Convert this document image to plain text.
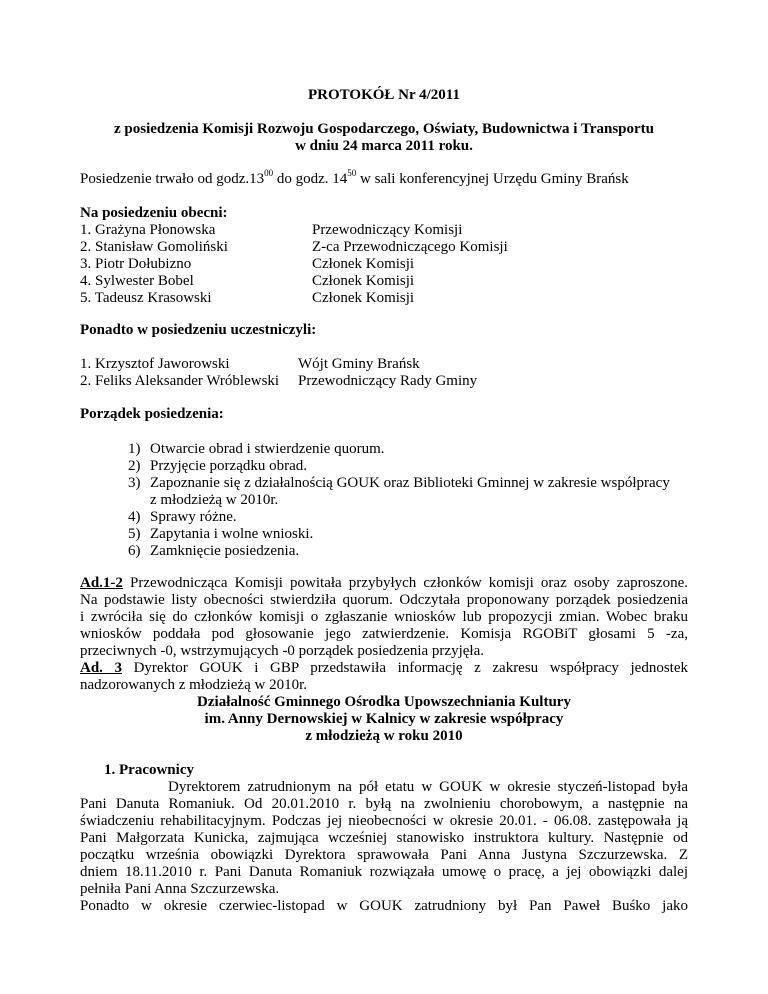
PROTOKÓŁ Nr 4/2011
z posiedzenia Komisji Rozwoju Gospodarczego, Oświaty, Budownictwa i Transportu
w dniu 24 marca 2011 roku.
Posiedzenie trwało od $godz.13^{00}$ do godz. $14^{50}$ w sali konferencyjnej Urzędu Gminy Brańsk
Na posiedzeniu obecni:
1. Grażyna Płonowska	Przewodniczący Komisji
2. Stanisław Gomoliński	Z-ca Przewodniczącego Komisji
3. Piotr Dołubizno	Członek Komisji
4. Sylwester Bobel	Członek Komisji
5. Tadeusz Krasowski	Członek Komisji
Ponadto w posiedzeniu uczestniczyli:
1. Krzysztof Jaworowski	Wójt Gminy Brańsk
2. Feliks Aleksander Wróblewski Przewodniczący Rady Gminy
Porządek posiedzenia:
1) Otwarcie obrad i stwierdzenie quorum.
2) Przyjęcie porządku obrad.
3) Zapoznanie się z działalnością GOUK oraz Biblioteki Gminnej w zakresie współpracy
z młodzieżą w 2010r.
4) Sprawy różne.
5) Zapytania i wolne wnioski.
6) Zamknięcie posiedzenia.
Ad.1-2 Przewodnicząca Komisji powitała przybyłych członków komisji oraz osoby zaproszone.
Na podstawie listy obecności stwierdziła quorum. Odczytała proponowany porządek posiedzenia
i zwróciła się do członków komisji o zgłaszanie wniosków lub propozycji zmian. Wobec braku
wniosków poddała pod głosowanie jego zatwierdzenie. Komisja RGOBiT głosami 5 -za,
przeciwnych -0, wstrzymujących -0 porządek posiedzenia przyjęła.
Ad. 3 Dyrektor GOUK i GBP przedstawiła informację z zakresu współpracy jednostek
nadzorowanych z młodzieżą w 2010r.
Działalność Gminnego Ośrodka Upowszechniania Kultury
im. Anny Dernowskiej w Kalnicy w zakresie współpracy
z młodzieżą w roku 2010
1. Pracownicy
Dyrektorem zatrudnionym na pół etatu w GOUK w okresie styczeń-listopad była
Pani Danuta Romaniuk. Od 20.01.2010 r. byłą na zwolnieniu chorobowym, a następnie na
świadczeniu rehabilitacyjnym. Podczas jej nieobecności w okresie 20.01. - 06.08. zastępowała ją
Pani Małgorzata Kunicka, zajmująca wcześniej stanowisko instruktora kultury. Następnie od
początku września obowiązki Dyrektora sprawowała Pani Anna Justyna Szczurzewska. Z
dniem 18.11.2010 r. Pani Danuta Romaniuk rozwiązała umowę o pracę, a jej obowiązki dalej
pełniła Pani Anna Szczurzewska.
Ponadto w okresie czerwiec-listopad w GOUK zatrudniony był Pan Paweł Buśko jako
